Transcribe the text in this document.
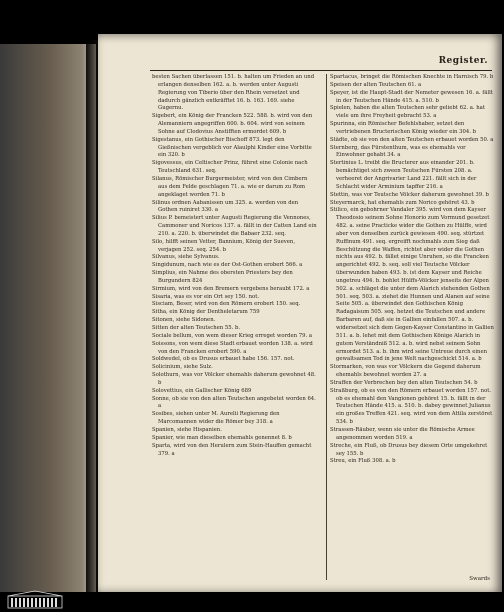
Register.

besten Sachen überlassen 151. b. halten um Frieden an und erlangen denselben 162. a. b. werden unter Augusti Regierung von Tiberio über den Rhein versetzet und dadurch gänzlich entkräfftet 16. b. 163. 169. siehe Gugernu.

Sigebert, ein König der Francken 522. 588. b. wird von den Alemanniern angegriffen 600. b. 604. wird von seinem Sohne auf Clodovius Anstifften ermordet 609. b

Sigestanus, ein Gothischer Bischoff 873. legt den Gießnischen vergeblich vor Alaulphi Kinder eine Vorbitte ein 320. b

Sigovessus, ein Celtischer Prinz, führet eine Colonie nach Teutschland 631. seq.

Silanus, Römischer Burgermeister, wird von den Cimbern aus dem Felde geschlagen 71. a. wie er darum zu Rom angeklaget worden 71. b

Silinus ordnen Aabanissen um 325. a. werden von den Gothen ruiniret 330. a

Silius P. bemeistert unter Augusti Regierung die Vennones, Cammoner und Noricos 137. a. fällt in der Catten Land ein 210. a. 220. b. überwindet die Babaer 232. seq.

Silo, hilfft seinen Vetter, Bannium, König der Sueven, verjagen 252. seq. 254. b

Silvanus, siehe Sylvanus.

Singidunum, nach wie es der Ost-Gothen erobert 566. a

Simplius, ein Nahme des obersten Priesters bey den Burgundern 824

Sirmium, wird von den Bremern vergebens beraubt 172. a

Sisaria, was es vor ein Ort sey 150. not.

Sisciam, Beser, wird von den Römern erobert 150. seq.

Sitha, ein König der Dentheletarum 759

Sitonen, siehe Sidonen.

Sitten der alten Teutschen 55. b.

Sociale bellum, von wem dieser Krieg erreget worden 79. a

Soissons, von wem diese Stadt erbauet worden 138. a. wird von den Francken erobert 590. a

Soldwedel, ob es Drusus erbauet habe 156. 157. not.

Solicinium, siehe Sulz.

Solothurn, was vor Völcker ehemahls daherum gewohnet 48. b

Solovettius, ein Gallischer König 689

Sonne, ob sie von den alten Teutschen angebetet worden 64. a

Sosibes, siehen unter M. Aurelii Regierung den Marcomannen wider die Römer bey 318. a

Spanien, siehe Hispanien.

Spanier, wie man dieselben ehemahls genennet 8. b

Sparta, wird von den Herulern zum Stein-Hauffen gemacht 379. a

Spartacus, bringet die Römischen Knechte in Harnisch 79. b

Speisen der alten Teutschen 61. a

Speyer, ist die Haupt-Stadt der Nemeter gewesen 16. a. fällt in der Teutschen Hände 415. a. 510. b

Spielen, haben die alten Teutschen sehr geliebt 62. a. hat viele um ihre Freyheit gebracht 53. a

Spurinna, ein Römischer Befehlshaber, setzet den vertriebenen Bructerischen König wieder ein 304. b

Städte, ob sie von den alten Teutschen erbauet worden 50. a

Sternberg, das Fürstenthum, was es ehemahls vor Einwohner gehabt 34. a

Stertinius L. treibt die Bructerer aus einander 201. b. bemächtiget sich zween Teutschen Fürsten 208. a. verheeret der Angrivarier Land 221. fällt sich in der Schlacht wider Arminium tapffer 216. a

Stettin, was vor Teutsche Völcker daherum gewohnet 39. b

Steyermarck, hat ehemahls zum Norico gehöret 43. b

Stilico, ein gebohrner Vandaler 395. wird von dem Kayser Theodosio seinem Sohne Honorio zum Vormund gesetzet 482. a. seine Practicke wider die Gothen zu Hülffe, wird aber von denselben zurück gewiesen 490. seq. stürtzet Ruffinum 491. seq. ergreifft nochmahls zum Sieg daß Beschützung die Waffen, richtet aber wider die Gothen nichts aus 492. b. fället einige Unruhen, so die Francken angerichtet 492. b. seq. soll viel Teutsche Völcker überwunden haben 493. b. ist dem Kayser und Reiche ungetreu 494. b. bohlet Hülffs-Völcker jenseits der Alpen 502. a. schläget die unter dem Alarich stehenden Gothen 501. seq. 503. a. ziehet die Hunnen und Alanen auf seine Seite 505. a. überwindet den Gothischen König Radagaisum 505. seq. hetzet die Teutschen und andere Barbaren auf, daß sie in Gallien einfallen 507. a. b. widersetzet sich dem Gegen-Kayser Constantino in Gallien 511. a. b. lehet mit dem Gothischen Könige Alarich in gutem Verständniß 512. a. b. wird nebst seinem Sohn ermordet 513. a. b. ihm wird seine Untreue durch einen gewaltsamen Tod in jene Welt nachgeschickt 514. a. b

Stormarken, von was vor Völckern die Gegend daherum ehemahls bewohnet worden 27. a

Straffen der Verbrechen bey den alten Teutschen 54. b

Straßburg, ob es von den Römern erbauet worden 157. not. ob es ehemahl den Vangionen gehöret 15. b. fällt in der Teutschen Hände 415. a. 510. b. dabey gewinnet Julianus ein großes Treffen 421. seq. wird von dem Attila zerstöret 534. b

Strassen-Räuber, wenn sie unter die Römische Armee angenommen worden 519. a

Streche, ein Fluß, ob Drusus bey diesem Orte umgekehret sey 155. b

Streu, ein Fluß 308. a. b

Swards
